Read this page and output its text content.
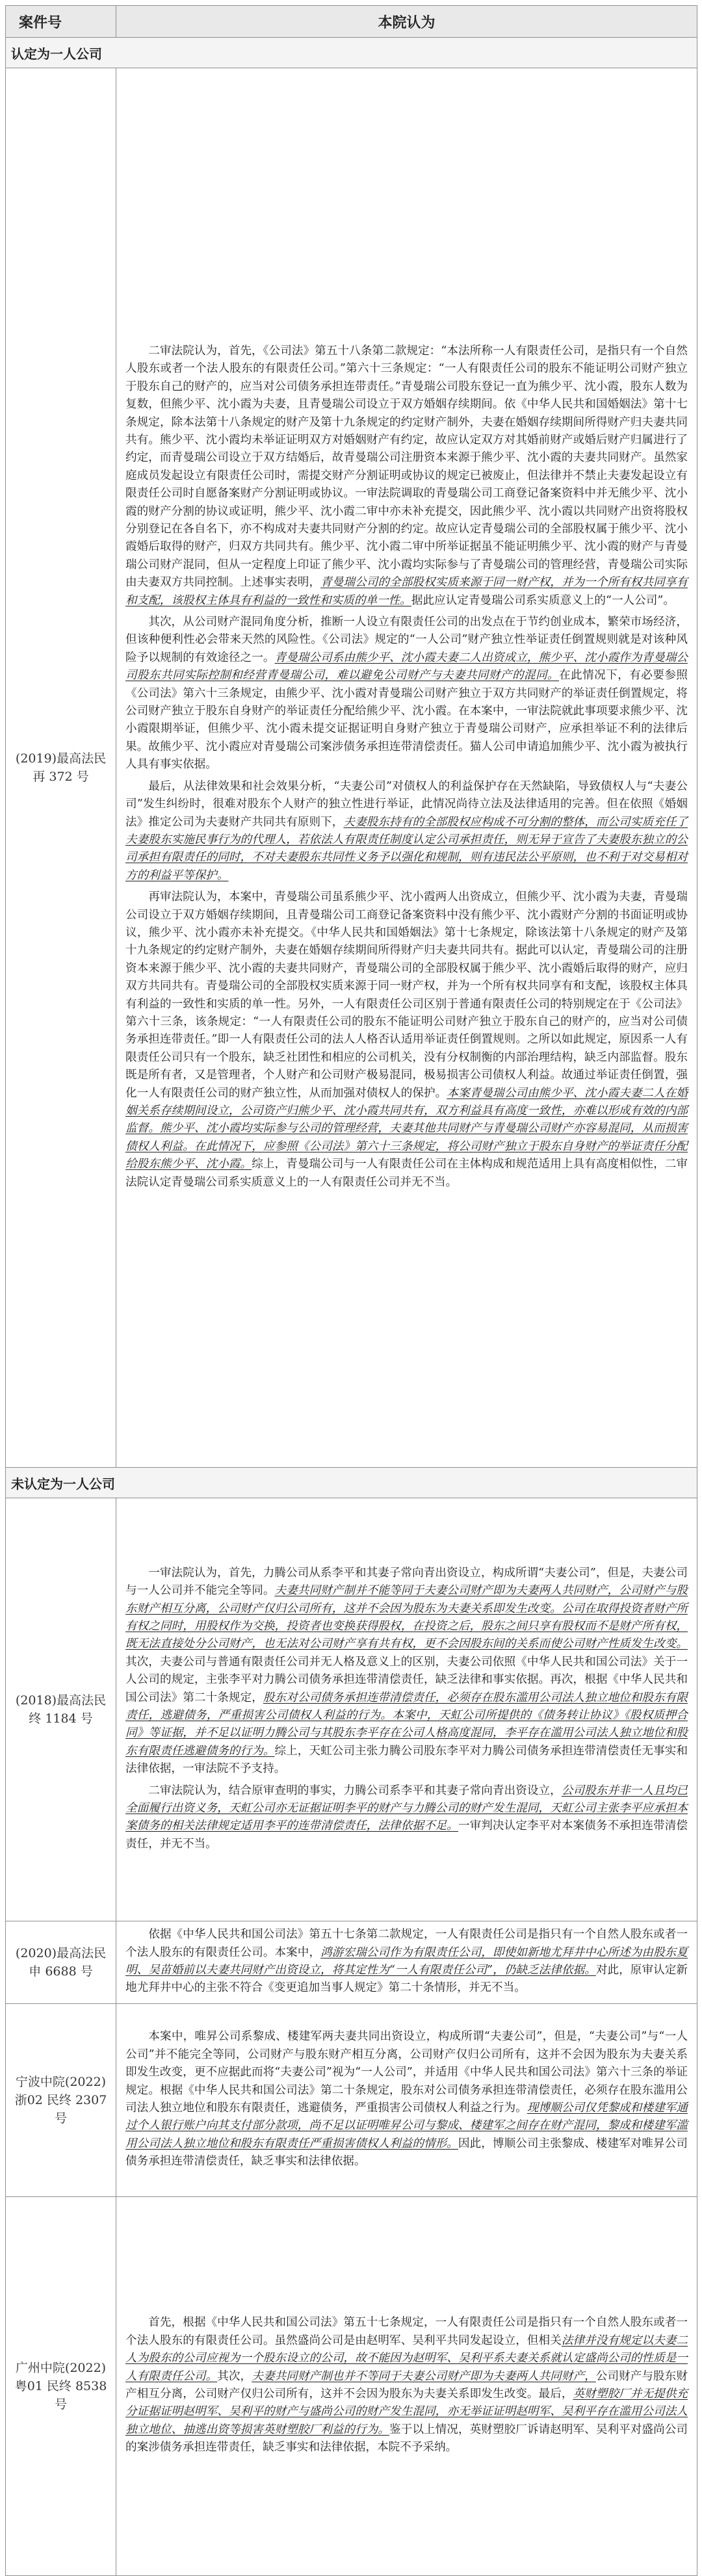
案件号	本院认为
认定为一人公司	
(2019)最高法民再 372 号	二审法院认为，首先，《公司法》第五十八条第二款规定：“本法所称一人有限责任公司，是指只有一个自然人股东或者一个法人股东的有限责任公司。”第六十三条规定：“一人有限责任公司的股东不能证明公司财产独立于股东自己的财产的，应当对公司债务承担连带责任。”青曼瑞公司股东登记一直为熊少平、沈小霞，股东人数为复数，但熊少平、沈小霞为夫妻，且青曼瑞公司设立于双方婚姻存续期间。依《中华人民共和国婚姻法》第十七条规定，除本法第十八条规定的财产及第十九条规定的约定财产制外，夫妻在婚姻存续期间所得财产归夫妻共同共有。熊少平、沈小霞均未举证证明双方对婚姻财产有约定，故应认定双方对其婚前财产或婚后财产归属进行了约定，而青曼瑞公司设立于双方结婚后，故青曼瑞公司注册资本来源于熊少平、沈小霞的夫妻共同财产。虽然家庭成员发起设立有限责任公司时，需提交财产分割证明或协议的规定已被废止，但法律并不禁止夫妻发起设立有限责任公司时自愿备案财产分割证明或协议。一审法院调取的青曼瑞公司工商登记备案资料中并无熊少平、沈小霞的财产分割的协议或证明，熊少平、沈小霞二审中亦未补充提交，因此熊少平、沈小霞以共同财产出资将股权分别登记在各自名下，亦不构成对夫妻共同财产分割的约定。故应认定青曼瑞公司的全部股权属于熊少平、沈小霞婚后取得的财产，归双方共同共有。熊少平、沈小霞二审中所举证据虽不能证明熊少平、沈小霞的财产与青曼瑞公司财产混同，但从一定程度上印证了熊少平、沈小霞均实际参与了青曼瑞公司的管理经营，青曼瑞公司实际由夫妻双方共同控制。上述事实表明，青曼瑞公司的全部股权实质来源于同一财产权，并为一个所有权共同享有和支配，该股权主体具有利益的一致性和实质的单一性。据此应认定青曼瑞公司系实质意义上的“一人公司”。

其次，从公司财产混同角度分析，推断一人设立有限责任公司的出发点在于节约创业成本，繁荣市场经济，但该种便利性必会带来天然的风险性。《公司法》规定的“一人公司”财产独立性举证责任倒置规则就是对该种风险予以规制的有效途径之一。青曼瑞公司系由熊少平、沈小霞夫妻二人出资成立，熊少平、沈小霞作为青曼瑞公司股东共同实际控制和经营青曼瑞公司，难以避免公司财产与夫妻共同财产的混同。在此情况下，有必要参照《公司法》第六十三条规定，由熊少平、沈小霞对青曼瑞公司财产独立于双方共同财产的举证责任倒置规定，将公司财产独立于股东自身财产的举证责任分配给熊少平、沈小霞。在本案中，一审法院就此事项要求熊少平、沈小霞限期举证，但熊少平、沈小霞未提交证据证明自身财产独立于青曼瑞公司财产，应承担举证不利的法律后果。故熊少平、沈小霞应对青曼瑞公司案涉债务承担连带清偿责任。猫人公司申请追加熊少平、沈小霞为被执行人具有事实依据。

最后，从法律效果和社会效果分析，“夫妻公司”对债权人的利益保护存在天然缺陷，导致债权人与“夫妻公司”发生纠纷时，很难对股东个人财产的独立性进行举证，此情况尚待立法及法律适用的完善。但在依照《婚姻法》推定公司为夫妻财产共同共有原则下，夫妻股东持有的全部股权应构成不可分割的整体，而公司实质充任了夫妻股东实施民事行为的代理人，若依法人有限责任制度认定公司承担责任，则无异于宣告了夫妻股东独立的公司承担有限责任的同时，不对夫妻股东共同性义务予以强化和规制，则有违民法公平原则，也不利于对交易相对方的利益平等保护。

再审法院认为，本案中，青曼瑞公司虽系熊少平、沈小霞两人出资成立，但熊少平、沈小霞为夫妻，青曼瑞公司设立于双方婚姻存续期间，且青曼瑞公司工商登记备案资料中没有熊少平、沈小霞财产分割的书面证明或协议，熊少平、沈小霞亦未补充提交。《中华人民共和国婚姻法》第十七条规定，除该法第十八条规定的财产及第十九条规定的约定财产制外，夫妻在婚姻存续期间所得财产归夫妻共同共有。据此可以认定，青曼瑞公司的注册资本来源于熊少平、沈小霞的夫妻共同财产，青曼瑞公司的全部股权属于熊少平、沈小霞婚后取得的财产，应归双方共同共有。青曼瑞公司的全部股权实质来源于同一财产权，并为一个所有权共同享有和支配，该股权主体具有利益的一致性和实质的单一性。另外，一人有限责任公司区别于普通有限责任公司的特别规定在于《公司法》第六十三条，该条规定：“一人有限责任公司的股东不能证明公司财产独立于股东自己的财产的，应当对公司债务承担连带责任。”即一人有限责任公司的法人人格否认适用举证责任倒置规则。之所以如此规定，原因系一人有限责任公司只有一个股东，缺乏社团性和相应的公司机关，没有分权制衡的内部治理结构，缺乏内部监督。股东既是所有者，又是管理者，个人财产和公司财产极易混同，极易损害公司债权人利益。故通过举证责任倒置，强化一人有限责任公司的财产独立性，从而加强对债权人的保护。本案青曼瑞公司由熊少平、沈小霞夫妻二人在婚姻关系存续期间设立，公司资产归熊少平、沈小霞共同共有，双方利益具有高度一致性，亦难以形成有效的内部监督。熊少平、沈小霞均实际参与公司的管理经营，夫妻其他共同财产与青曼瑞公司财产亦容易混同，从而损害债权人利益。在此情况下，应参照《公司法》第六十三条规定，将公司财产独立于股东自身财产的举证责任分配给股东熊少平、沈小霞。综上，青曼瑞公司与一人有限责任公司在主体构成和规范适用上具有高度相似性，二审法院认定青曼瑞公司系实质意义上的一人有限责任公司并无不当。

未认定为一人公司	
(2018)最高法民终 1184 号	一审法院认为，首先，力腾公司从系李平和其妻子常向青出资设立，构成所谓“夫妻公司”，但是，夫妻公司与一人公司并不能完全等同。夫妻共同财产制并不能等同于夫妻公司财产即为夫妻两人共同财产，公司财产与股东财产相互分离，公司财产仅归公司所有，这并不会因为股东为夫妻关系即发生改变。公司在取得投资者财产所有权之同时，用股权作为交换，投资者也变换获得股权，在投资之后，股东之间只享有股权而不是财产所有权，既无法直接处分公司财产，也无法对公司财产享有共有权，更不会因股东间的关系而使公司财产性质发生改变。其次，夫妻公司与普通有限责任公司并无人格及意义上的区别，夫妻公司依照《中华人民共和国公司法》关于一人公司的规定，主张李平对力腾公司债务承担连带清偿责任，缺乏法律和事实依据。再次，根据《中华人民共和国公司法》第二十条规定，股东对公司债务承担连带清偿责任，必须存在股东滥用公司法人独立地位和股东有限责任，逃避债务，严重损害公司债权人利益的行为。本案中，天虹公司所提供的《债务转让协议》《股权质押合同》等证据，并不足以证明力腾公司与其股东李平存在公司人格高度混同，李平存在滥用公司法人独立地位和股东有限责任逃避债务的行为。综上，天虹公司主张力腾公司股东李平对力腾公司债务承担连带清偿责任无事实和法律依据，一审法院不予支持。

二审法院认为，结合原审查明的事实，力腾公司系李平和其妻子常向青出资设立，公司股东并非一人且均已全面履行出资义务，天虹公司亦无证据证明李平的财产与力腾公司的财产发生混同，天虹公司主张李平应承担本案债务的相关法律规定适用李平的连带清偿责任，法律依据不足。一审判决认定李平对本案债务不承担连带清偿责任，并无不当。

(2020)最高法民申 6688 号	依据《中华人民共和国公司法》第五十七条第二款规定，一人有限责任公司是指只有一个自然人股东或者一个法人股东的有限责任公司。本案中，鸿游宏瑞公司作为有限责任公司，即使如新地尤拜井中心所述为由股东夏明、吴苗婚前以夫妻共同财产出资设立，将其定性为“一人有限责任公司”，仍缺乏法律依据。对此，原审认定新地尤拜井中心的主张不符合《变更追加当事人规定》第二十条情形，并无不当。

宁波中院(2022)浙02 民终 2307 号	本案中，唯昇公司系黎成、楼建军两夫妻共同出资设立，构成所谓“夫妻公司”，但是，“夫妻公司”与“一人公司”并不能完全等同，公司财产与股东财产相互分离，公司财产仅归公司所有，这并不会因为股东为夫妻关系即发生改变，更不应据此而将“夫妻公司”视为“一人公司”，并适用《中华人民共和国公司法》第六十三条的举证规定。根据《中华人民共和国公司法》第二十条规定，股东对公司债务承担连带清偿责任，必须存在股东滥用公司法人独立地位和股东有限责任，逃避债务，严重损害公司债权人利益之行为。现博顺公司仅凭黎成和楼建军通过个人银行账户向其支付部分款项，尚不足以证明唯昇公司与黎成、楼建军之间存在财产混同，黎成和楼建军滥用公司法人独立地位和股东有限责任严重损害债权人利益的情形。因此，博顺公司主张黎成、楼建军对唯昇公司债务承担连带清偿责任，缺乏事实和法律依据。

广州中院(2022)粤01 民终 8538 号	首先，根据《中华人民共和国公司法》第五十七条规定，一人有限责任公司是指只有一个自然人股东或者一个法人股东的有限责任公司。虽然盛尚公司是由赵明军、吴利平共同发起设立，但相关法律并没有规定以夫妻二人为股东的公司应视为一个股东设立的公司，故不能因为赵明军、吴利平系夫妻关系就认定盛尚公司的性质是一人有限责任公司。其次，夫妻共同财产制也并不等同于夫妻公司财产即为夫妻两人共同财产，公司财产与股东财产相互分离，公司财产仅归公司所有，这并不会因为股东为夫妻关系即发生改变。最后，英财塑胶厂并无提供充分证据证明赵明军、吴利平的财产与盛尚公司的财产发生混同，亦无举证证明赵明军、吴利平存在滥用公司法人独立地位、抽逃出资等损害英财塑胶厂利益的行为。鉴于以上情况，英财塑胶厂诉请赵明军、吴利平对盛尚公司的案涉债务承担连带责任，缺乏事实和法律依据，本院不予采纳。
